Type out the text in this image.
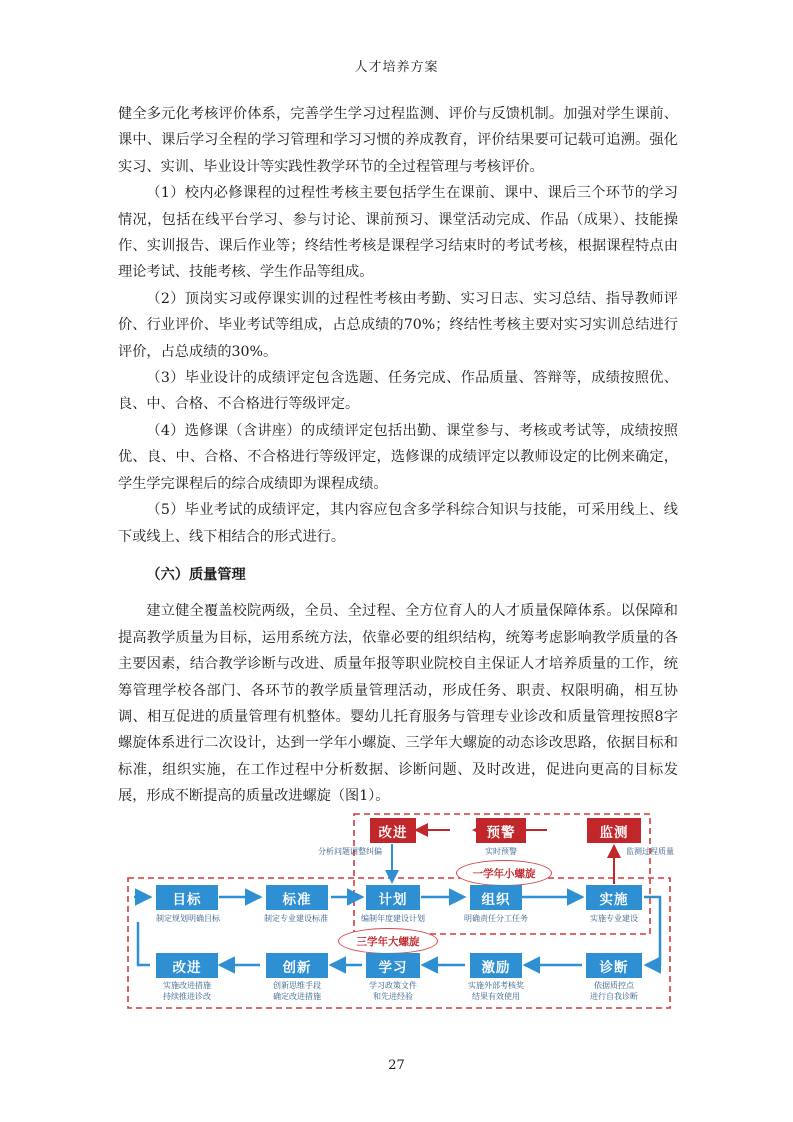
人才培养方案

健全多元化考核评价体系，完善学生学习过程监测、评价与反馈机制。加强对学生课前、课中、课后学习全程的学习管理和学习习惯的养成教育，评价结果要可记载可追溯。强化实习、实训、毕业设计等实践性教学环节的全过程管理与考核评价。

（1）校内必修课程的过程性考核主要包括学生在课前、课中、课后三个环节的学习情况，包括在线平台学习、参与讨论、课前预习、课堂活动完成、作品（成果）、技能操作、实训报告、课后作业等；终结性考核是课程学习结束时的考试考核，根据课程特点由理论考试、技能考核、学生作品等组成。

（2）顶岗实习或停课实训的过程性考核由考勤、实习日志、实习总结、指导教师评价、行业评价、毕业考试等组成，占总成绩的70%；终结性考核主要对实习实训总结进行评价，占总成绩的30%。

（3）毕业设计的成绩评定包含选题、任务完成、作品质量、答辩等，成绩按照优、良、中、合格、不合格进行等级评定。

（4）选修课（含讲座）的成绩评定包括出勤、课堂参与、考核或考试等，成绩按照优、良、中、合格、不合格进行等级评定，选修课的成绩评定以教师设定的比例来确定，学生学完课程后的综合成绩即为课程成绩。

（5）毕业考试的成绩评定，其内容应包含多学科综合知识与技能，可采用线上、线下或线上、线下相结合的形式进行。

（六）质量管理

建立健全覆盖校院两级，全员、全过程、全方位育人的人才质量保障体系。以保障和提高教学质量为目标，运用系统方法，依靠必要的组织结构，统筹考虑影响教学质量的各主要因素，结合教学诊断与改进、质量年报等职业院校自主保证人才培养质量的工作，统筹管理学校各部门、各环节的教学质量管理活动，形成任务、职责、权限明确，相互协调、相互促进的质量管理有机整体。婴幼儿托育服务与管理专业诊改和质量管理按照8字螺旋体系进行二次设计，达到一学年小螺旋、三学年大螺旋的动态诊改思路，依据目标和标准，组织实施，在工作过程中分析数据、诊断问题、及时改进，促进向更高的目标发展，形成不断提高的质量改进螺旋（图1）。

改进	预警	监测
实时预警
分析问题调整纠偏	监测过程质量
一学年小螺旋
目标	标准	计划	组织	实施
制定规划明确目标	制定专业建设标准	编制年度建设计划	明确责任分工任务	实施专业建设
三学年大螺旋
改进	创新	学习	激励	诊断
实施改进措施
持续推进诊改
创新思维手段
确定改进措施
学习政策文件
和先进经验
实施外部考核奖
结果有效使用
依据质控点
进行自我诊断
27
